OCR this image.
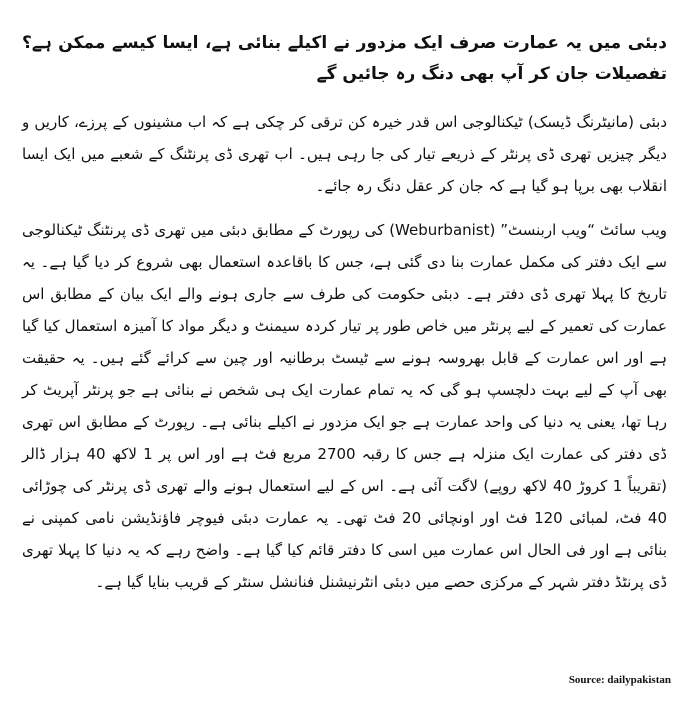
دبئی میں یہ عمارت صرف ایک مزدور نے اکیلے بنائی ہے، ایسا کیسے ممکن ہے؟ تفصیلات جان کر آپ بھی دنگ رہ جائیں گے

دبئی (مانیٹرنگ ڈیسک) ٹیکنالوجی اس قدر خیرہ کن ترقی کر چکی ہے کہ اب مشینوں کے پرزے، کاریں و دیگر چیزیں تھری ڈی پرنٹر کے ذریعے تیار کی جا رہی ہیں۔ اب تھری ڈی پرنٹنگ کے شعبے میں ایک ایسا انقلاب بھی برپا ہو گیا ہے کہ جان کر عقل دنگ رہ جائے۔

ویب سائٹ “ویب اربنسٹ” (Weburbanist) کی رپورٹ کے مطابق دبئی میں تھری ڈی پرنٹنگ ٹیکنالوجی سے ایک دفتر کی مکمل عمارت بنا دی گئی ہے، جس کا باقاعدہ استعمال بھی شروع کر دیا گیا ہے۔ یہ تاریخ کا پہلا تھری ڈی دفتر ہے۔ دبئی حکومت کی طرف سے جاری ہونے والے ایک بیان کے مطابق اس عمارت کی تعمیر کے لیے پرنٹر میں خاص طور پر تیار کردہ سیمنٹ و دیگر مواد کا آمیزہ استعمال کیا گیا ہے اور اس عمارت کے قابل بھروسہ ہونے سے ٹیسٹ برطانیہ اور چین سے کرائے گئے ہیں۔ یہ حقیقت بھی آپ کے لیے بہت دلچسپ ہو گی کہ یہ تمام عمارت ایک ہی شخص نے بنائی ہے جو پرنٹر آپریٹ کر رہا تھا، یعنی یہ دنیا کی واحد عمارت ہے جو ایک مزدور نے اکیلے بنائی ہے۔ رپورٹ کے مطابق اس تھری ڈی دفتر کی عمارت ایک منزلہ ہے جس کا رقبہ 2700 مربع فٹ ہے اور اس پر 1 لاکھ 40 ہزار ڈالر (تقریباً 1 کروڑ 40 لاکھ روپے) لاگت آئی ہے۔ اس کے لیے استعمال ہونے والے تھری ڈی پرنٹر کی چوڑائی 40 فٹ، لمبائی 120 فٹ اور اونچائی 20 فٹ تھی۔ یہ عمارت دبئی فیوچر فاؤنڈیشن نامی کمپنی نے بنائی ہے اور فی الحال اس عمارت میں اسی کا دفتر قائم کیا گیا ہے۔ واضح رہے کہ یہ دنیا کا پہلا تھری ڈی پرنٹڈ دفتر شہر کے مرکزی حصے میں دبئی انٹرنیشنل فنانشل سنٹر کے قریب بنایا گیا ہے۔

Source: dailypakistan
